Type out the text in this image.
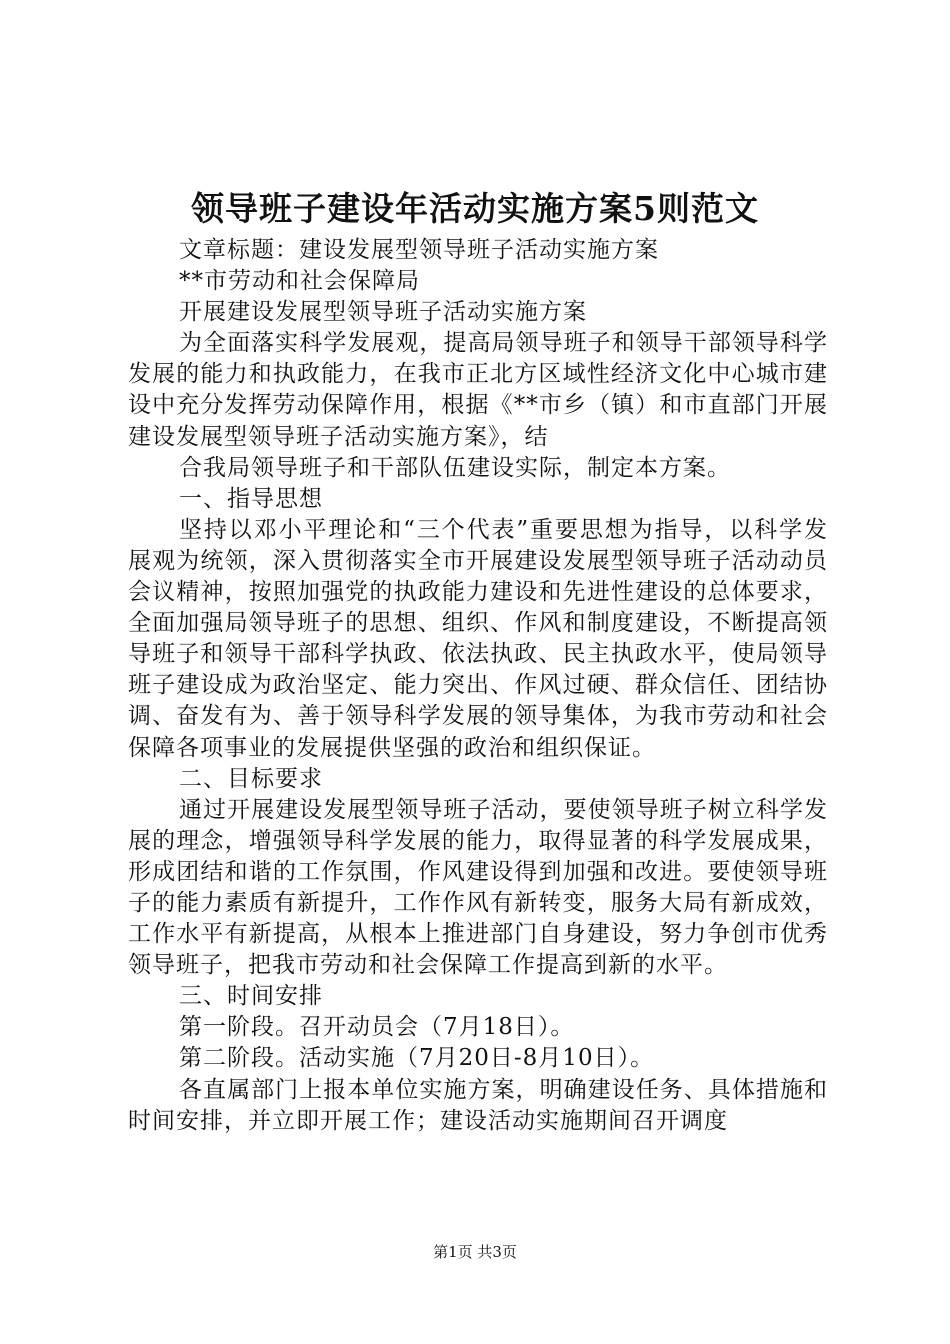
领导班子建设年活动实施方案5则范文

文章标题：建设发展型领导班子活动实施方案

**市劳动和社会保障局

开展建设发展型领导班子活动实施方案

为全面落实科学发展观，提高局领导班子和领导干部领导科学发展的能力和执政能力，在我市正北方区域性经济文化中心城市建设中充分发挥劳动保障作用，根据《**市乡（镇）和市直部门开展建设发展型领导班子活动实施方案》，结

合我局领导班子和干部队伍建设实际，制定本方案。

一、指导思想

坚持以邓小平理论和“三个代表”重要思想为指导，以科学发展观为统领，深入贯彻落实全市开展建设发展型领导班子活动动员会议精神，按照加强党的执政能力建设和先进性建设的总体要求，全面加强局领导班子的思想、组织、作风和制度建设，不断提高领导班子和领导干部科学执政、依法执政、民主执政水平，使局领导班子建设成为政治坚定、能力突出、作风过硬、群众信任、团结协调、奋发有为、善于领导科学发展的领导集体，为我市劳动和社会保障各项事业的发展提供坚强的政治和组织保证。

二、目标要求

通过开展建设发展型领导班子活动，要使领导班子树立科学发展的理念，增强领导科学发展的能力，取得显著的科学发展成果，形成团结和谐的工作氛围，作风建设得到加强和改进。要使领导班子的能力素质有新提升，工作作风有新转变，服务大局有新成效，工作水平有新提高，从根本上推进部门自身建设，努力争创市优秀领导班子，把我市劳动和社会保障工作提高到新的水平。

三、时间安排

第一阶段。召开动员会（7月18日）。

第二阶段。活动实施（7月20日-8月10日）。

各直属部门上报本单位实施方案，明确建设任务、具体措施和时间安排，并立即开展工作；建设活动实施期间召开调度

第1页 共3页
